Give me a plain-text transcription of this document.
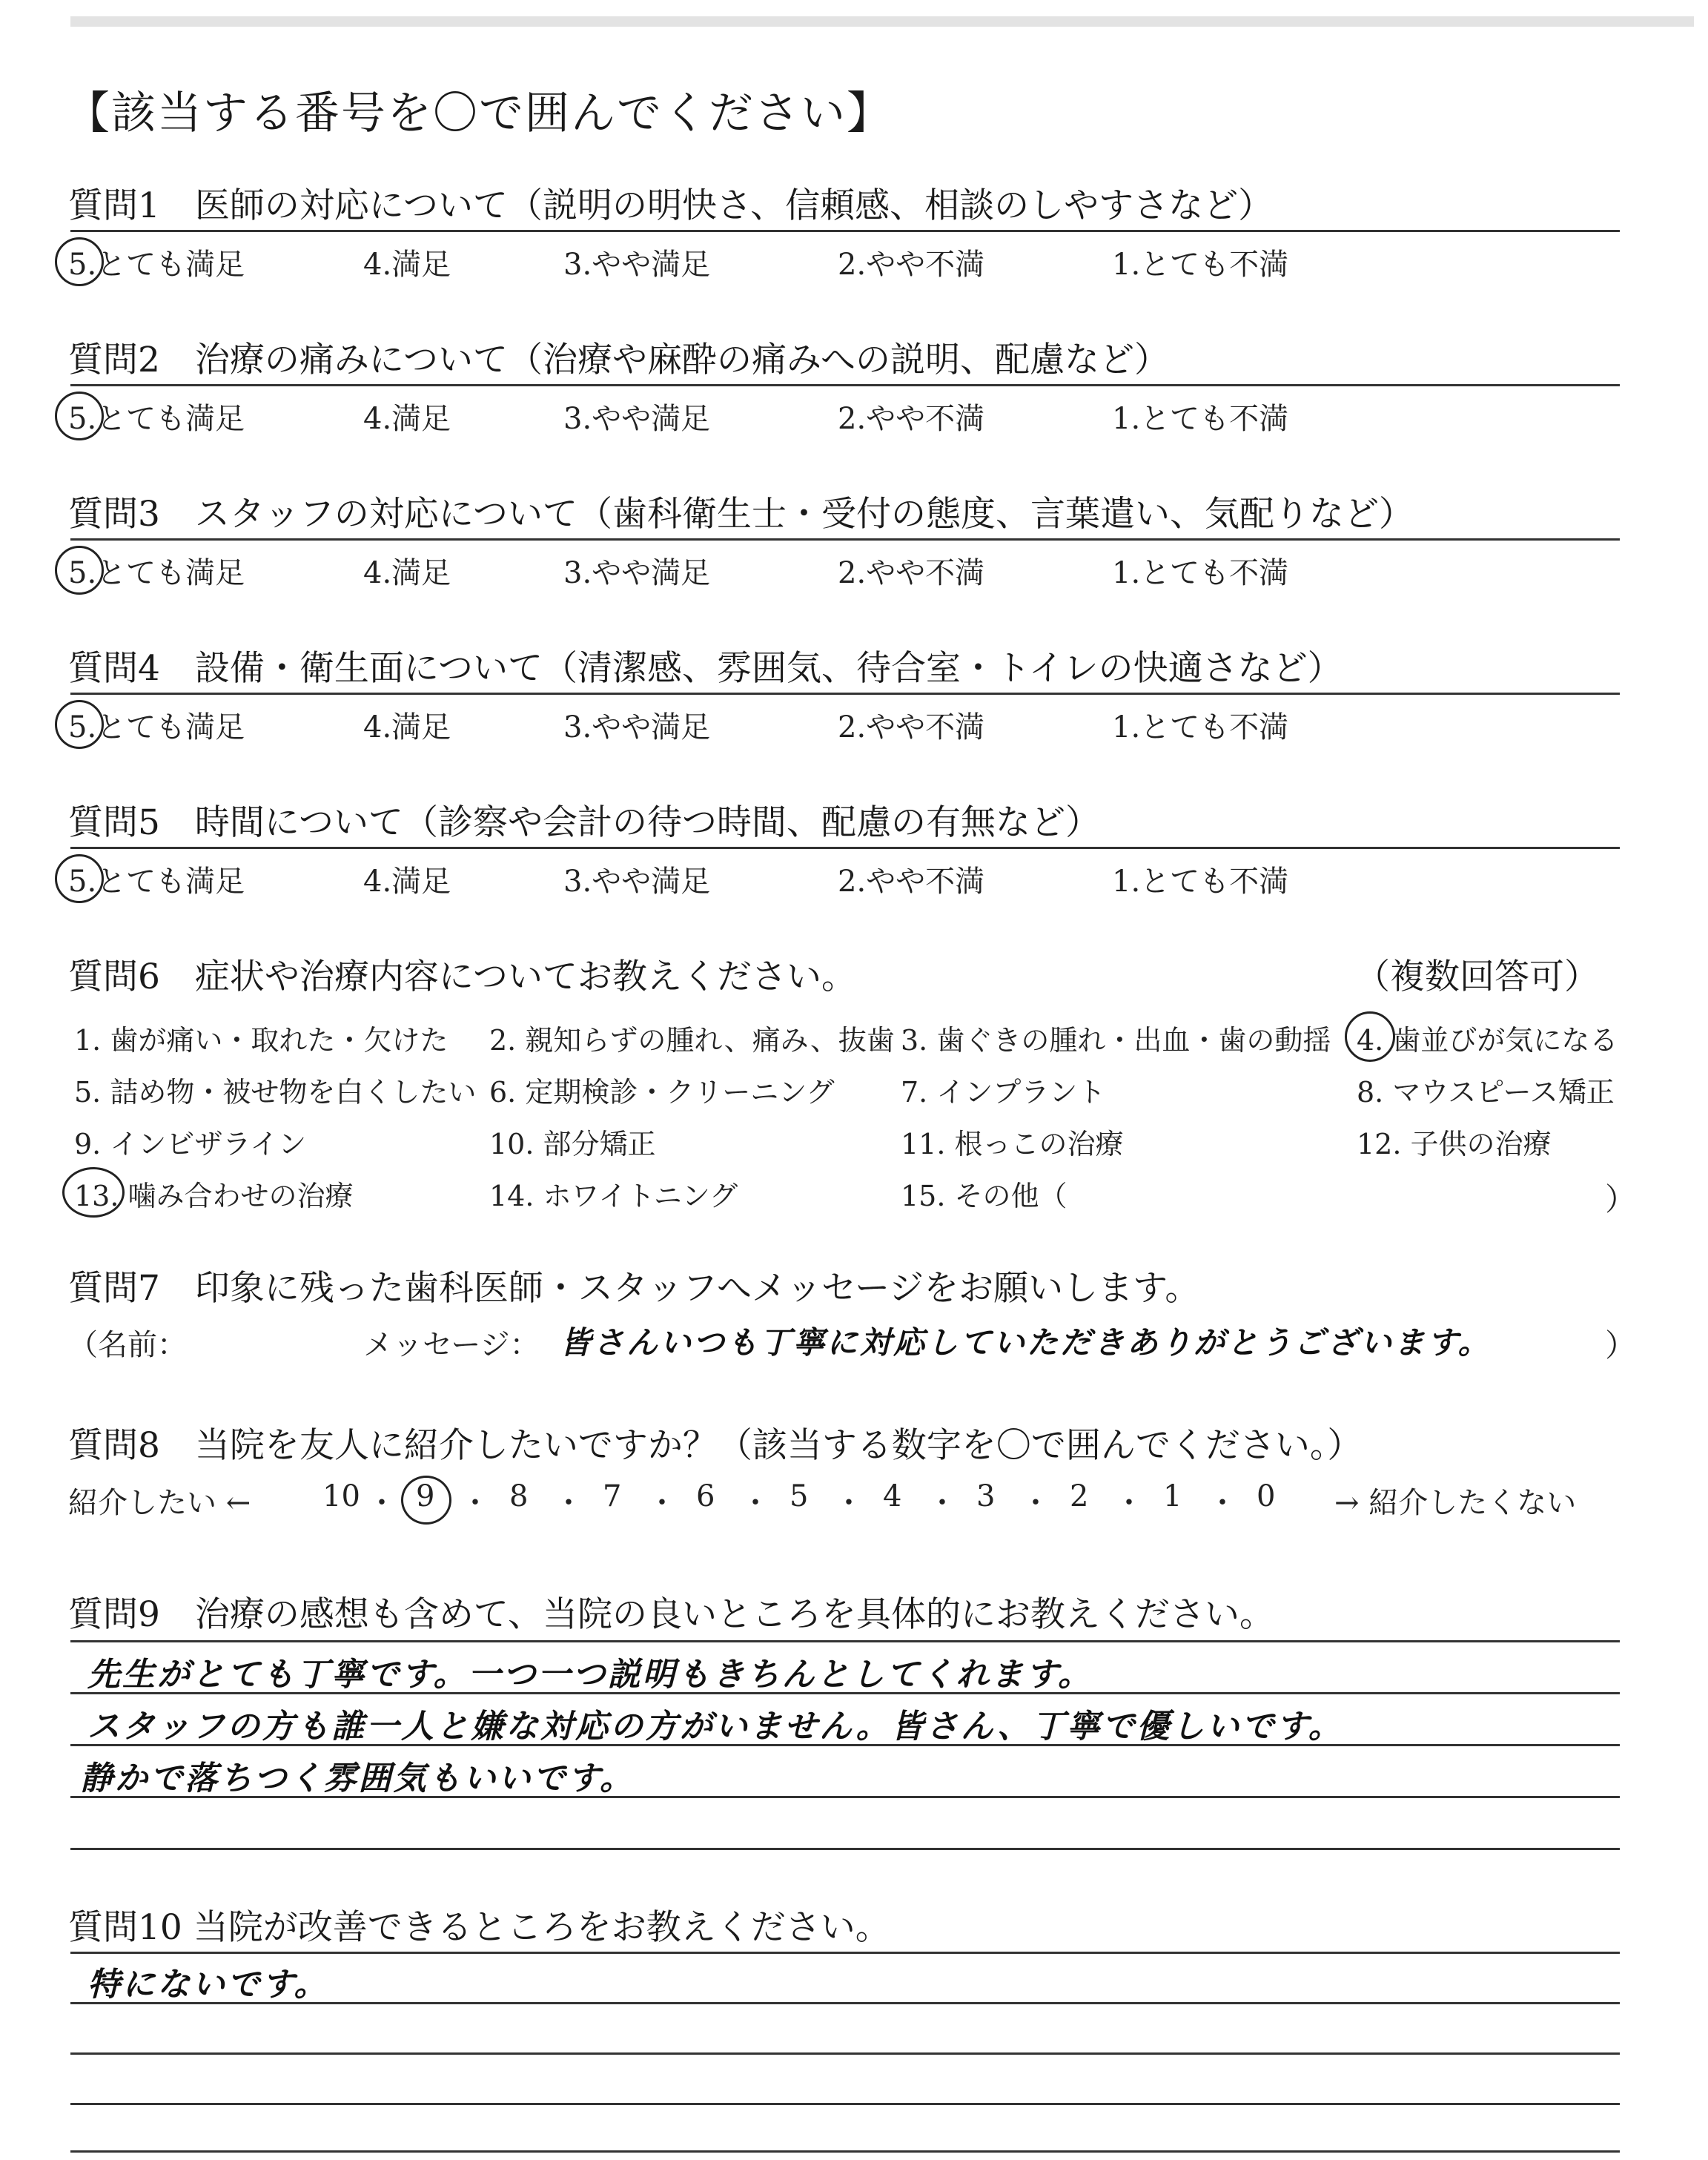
【該当する番号を〇で囲んでください】
質問1　医師の対応について（説明の明快さ、信頼感、相談のしやすさなど）
5.とても満足	4.満足	3.やや満足	2.やや不満	1.とても不満
質問2　治療の痛みについて（治療や麻酔の痛みへの説明、配慮など）
5.とても満足	4.満足	3.やや満足	2.やや不満	1.とても不満
質問3　スタッフの対応について（歯科衛生士・受付の態度、言葉遣い、気配りなど）
5.とても満足	4.満足	3.やや満足	2.やや不満	1.とても不満
質問4　設備・衛生面について（清潔感、雰囲気、待合室・トイレの快適さなど）
5.とても満足	4.満足	3.やや満足	2.やや不満	1.とても不満
質問5　時間について（診察や会計の待つ時間、配慮の有無など）
5.とても満足	4.満足	3.やや満足	2.やや不満	1.とても不満
質問6　症状や治療内容についてお教えください。	（複数回答可）
1. 歯が痛い・取れた・欠けた 2. 親知らずの腫れ、痛み、抜歯 3. 歯ぐきの腫れ・出血・歯の動揺 4. 歯並びが気になる
5. 詰め物・被せ物を白くしたい 6. 定期検診・クリーニング 7. インプラント	8. マウスピース矯正
9. インビザライン	10. 部分矯正	11. 根っこの治療	12. 子供の治療
13. 噛み合わせの治療	14. ホワイトニング	15. その他（	）
質問7　印象に残った歯科医師・スタッフへメッセージをお願いします。
（名前：	メッセージ： 皆さんいつも丁寧に対応していただきありがとうございます。	）
質問8　当院を友人に紹介したいですか？（該当する数字を〇で囲んでください。）
紹介したい ←	→ 紹介したくない
10 ・ 9 ・ 8 ・ 7 ・ 6 ・ 5 ・ 4 ・ 3 ・ 2 ・ 1 ・ 0
質問9　治療の感想も含めて、当院の良いところを具体的にお教えください。
先生がとても丁寧です。一つ一つ説明もきちんとしてくれます。
スタッフの方も誰一人と嫌な対応の方がいません。皆さん、丁寧で優しいです。
静かで落ちつく雰囲気もいいです。
質問10 当院が改善できるところをお教えください。
特にないです。
